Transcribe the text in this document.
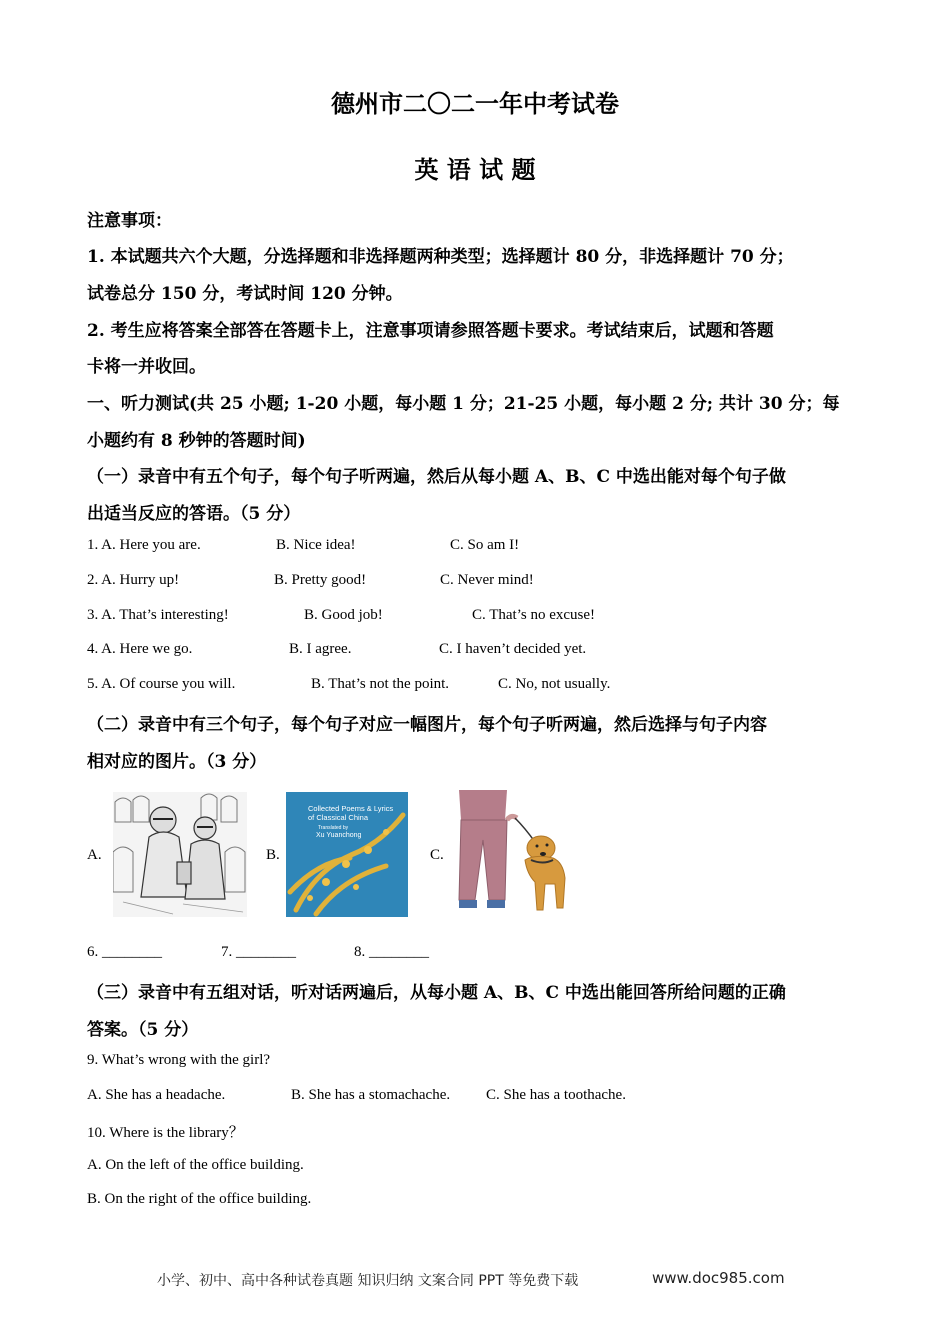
德州市二〇二一年中考试卷
英 语 试 题
注意事项：
1. 本试题共六个大题，分选择题和非选择题两种类型；选择题计 80 分，非选择题计 70 分；
试卷总分 150 分，考试时间 120 分钟。
2. 考生应将答案全部答在答题卡上，注意事项请参照答题卡要求。考试结束后，试题和答题
卡将一并收回。
一、听力测试(共 25 小题; 1-20 小题，每小题 1 分；21-25 小题，每小题 2 分; 共计 30 分；每
小题约有 8 秒钟的答题时间)
（一）录音中有五个句子，每个句子听两遍，然后从每小题 A、B、C 中选出能对每个句子做
出适当反应的答语。（5 分）
1. A. Here you are.	B. Nice idea!	C. So am I!
2. A. Hurry up!	B. Pretty good!	C. Never mind!
3. A. That’s interesting!	B. Good job!	C. That’s no excuse!
4. A. Here we go.	B. I agree.	C. I haven’t decided yet.
5. A. Of course you will.	B. That’s not the point.	C. No, not usually.
（二）录音中有三个句子，每个句子对应一幅图片，每个句子听两遍，然后选择与句子内容
相对应的图片。（3 分）
A.	B.	C.
Collected Poems & Lyrics of Classical China
Translated by
Xu Yuanchong
6. ________	7. ________	8. ________
（三）录音中有五组对话，听对话两遍后，从每小题 A、B、C 中选出能回答所给问题的正确
答案。（5 分）
9. What’s wrong with the girl?
A. She has a headache.	B. She has a stomachache. C. She has a toothache.
10. Where is the library？
A. On the left of the office building.
B. On the right of the office building.
小学、初中、高中各种试卷真题 知识归纳 文案合同 PPT 等免费下载	www.doc985.com
